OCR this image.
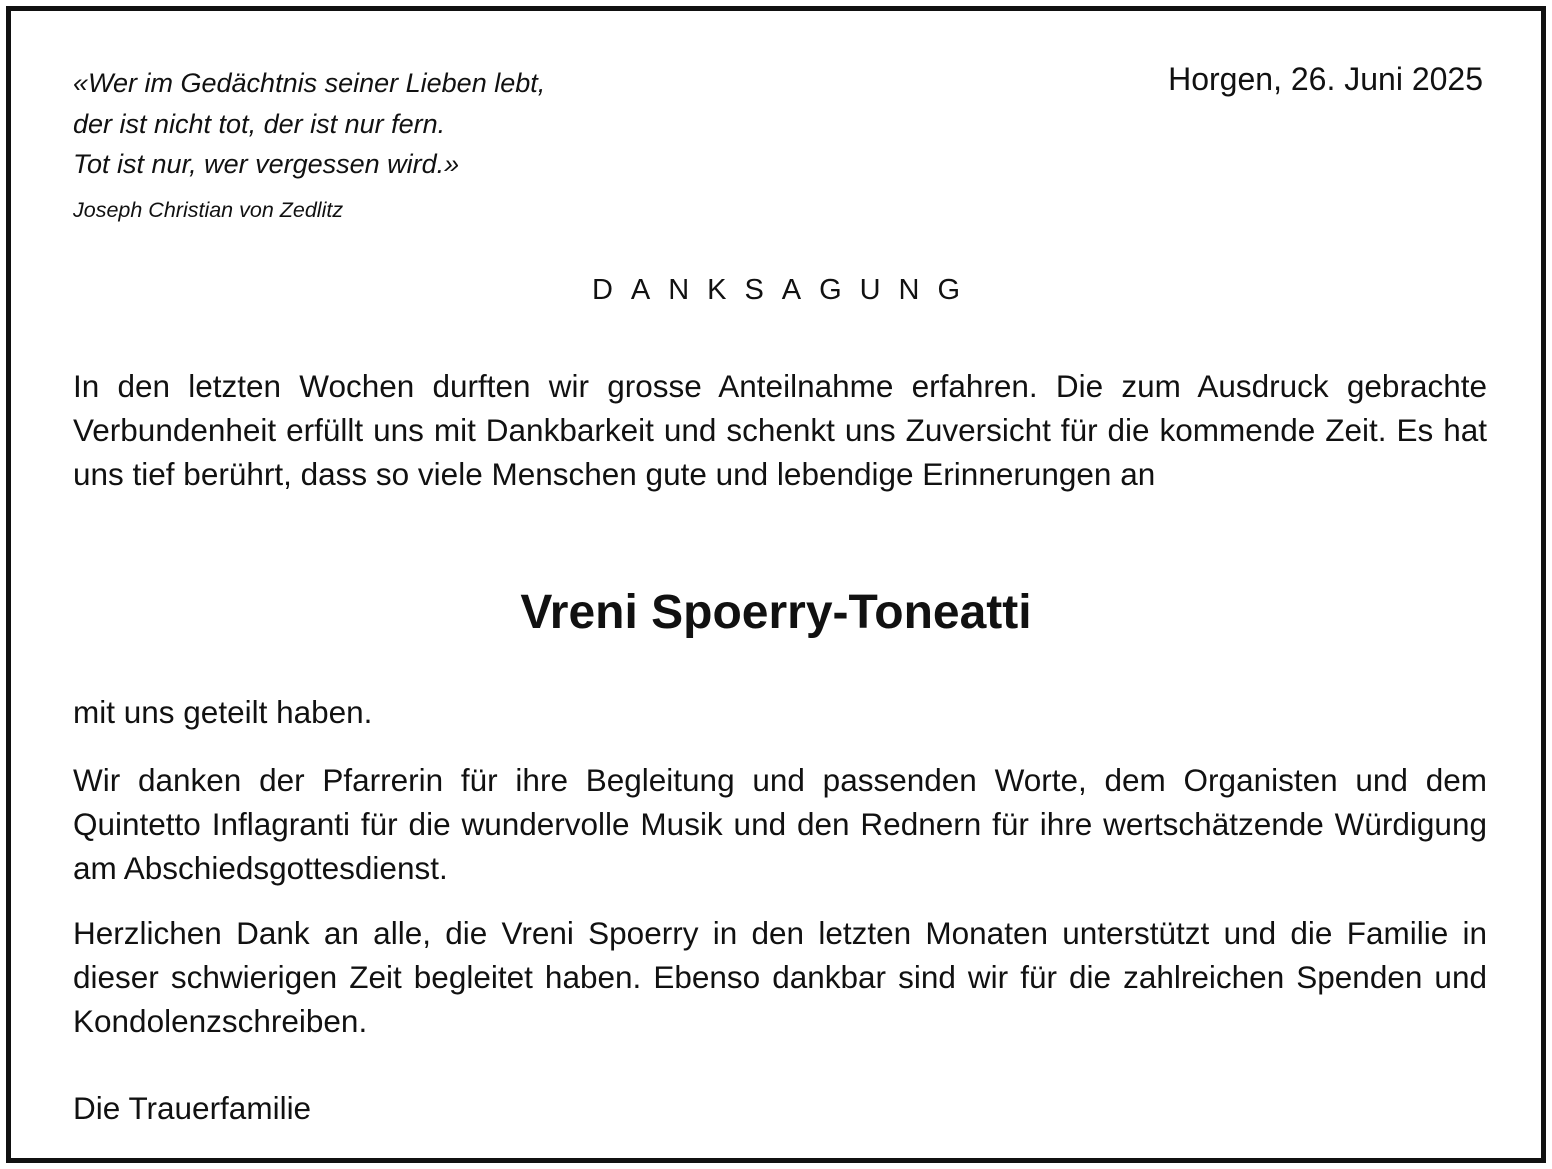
«Wer im Gedächtnis seiner Lieben lebt,
der ist nicht tot, der ist nur fern.
Tot ist nur, wer vergessen wird.»
Joseph Christian von Zedlitz
Horgen, 26. Juni 2025
DANKSAGUNG

In den letzten Wochen durften wir grosse Anteilnahme erfahren. Die zum Ausdruck gebrachte Verbundenheit erfüllt uns mit Dankbarkeit und schenkt uns Zuversicht für die kommende Zeit. Es hat uns tief berührt, dass so viele Menschen gute und lebendige Erinnerungen an

Vreni Spoerry-Toneatti

mit uns geteilt haben.

Wir danken der Pfarrerin für ihre Begleitung und passenden Worte, dem Organisten und dem Quintetto Inflagranti für die wundervolle Musik und den Rednern für ihre wertschätzende Würdigung am Abschiedsgottesdienst.

Herzlichen Dank an alle, die Vreni Spoerry in den letzten Monaten unterstützt und die Familie in dieser schwierigen Zeit begleitet haben. Ebenso dankbar sind wir für die zahlreichen Spenden und Kondolenzschreiben.

Die Trauerfamilie
